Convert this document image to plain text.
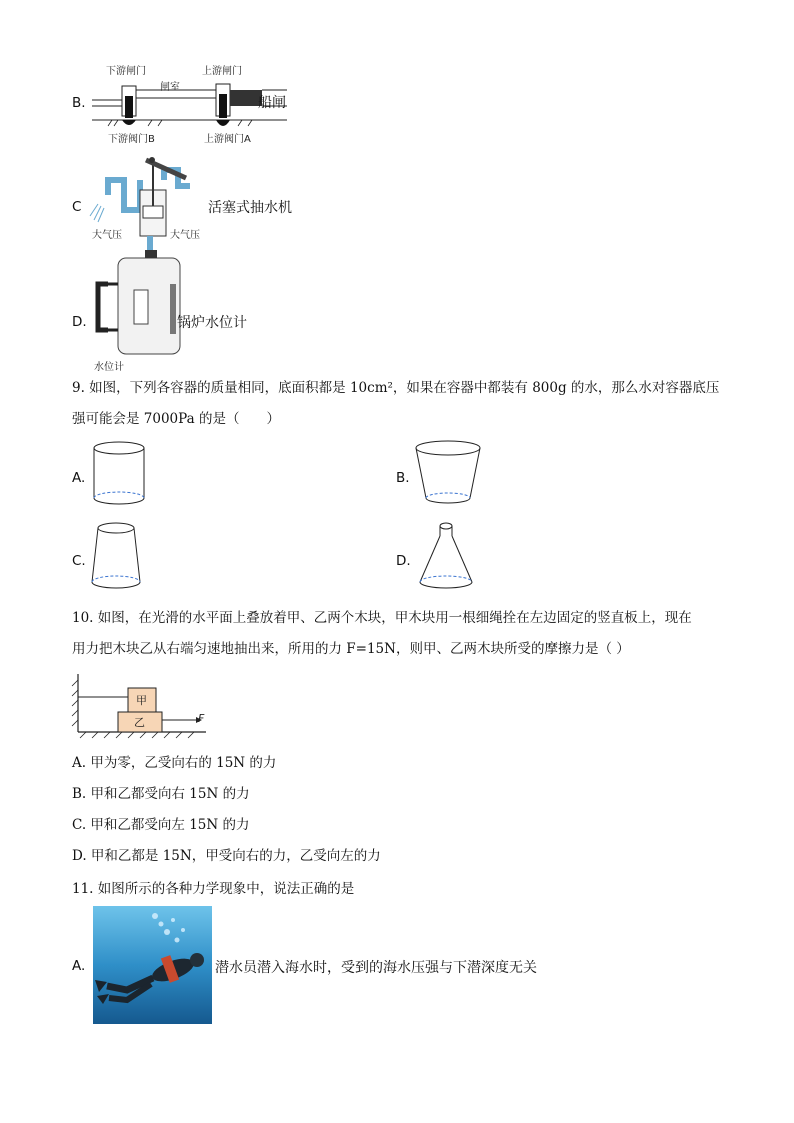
B.
下游闸门	上游闸门
闸室
下游阀门B	上游阀门A
船闸
C
大气压	大气压
活塞式抽水机
D.
水位计
锅炉水位计
9. 如图，下列各容器的质量相同，底面积都是 10cm²，如果在容器中都装有 800g 的水，那么水对容器底压
强可能会是 7000Pa 的是（　　）
A.	B.
C.	D.
10. 如图，在光滑的水平面上叠放着甲、乙两个木块，甲木块用一根细绳拴在左边固定的竖直板上，现在
用力把木块乙从右端匀速地抽出来，所用的力 F=15N，则甲、乙两木块所受的摩擦力是（ ）
甲
乙	F
A. 甲为零，乙受向右的 15N 的力
B. 甲和乙都受向右 15N 的力
C. 甲和乙都受向左 15N 的力
D. 甲和乙都是 15N，甲受向右的力，乙受向左的力
11. 如图所示的各种力学现象中，说法正确的是
A.	潜水员潜入海水时，受到的海水压强与下潜深度无关
